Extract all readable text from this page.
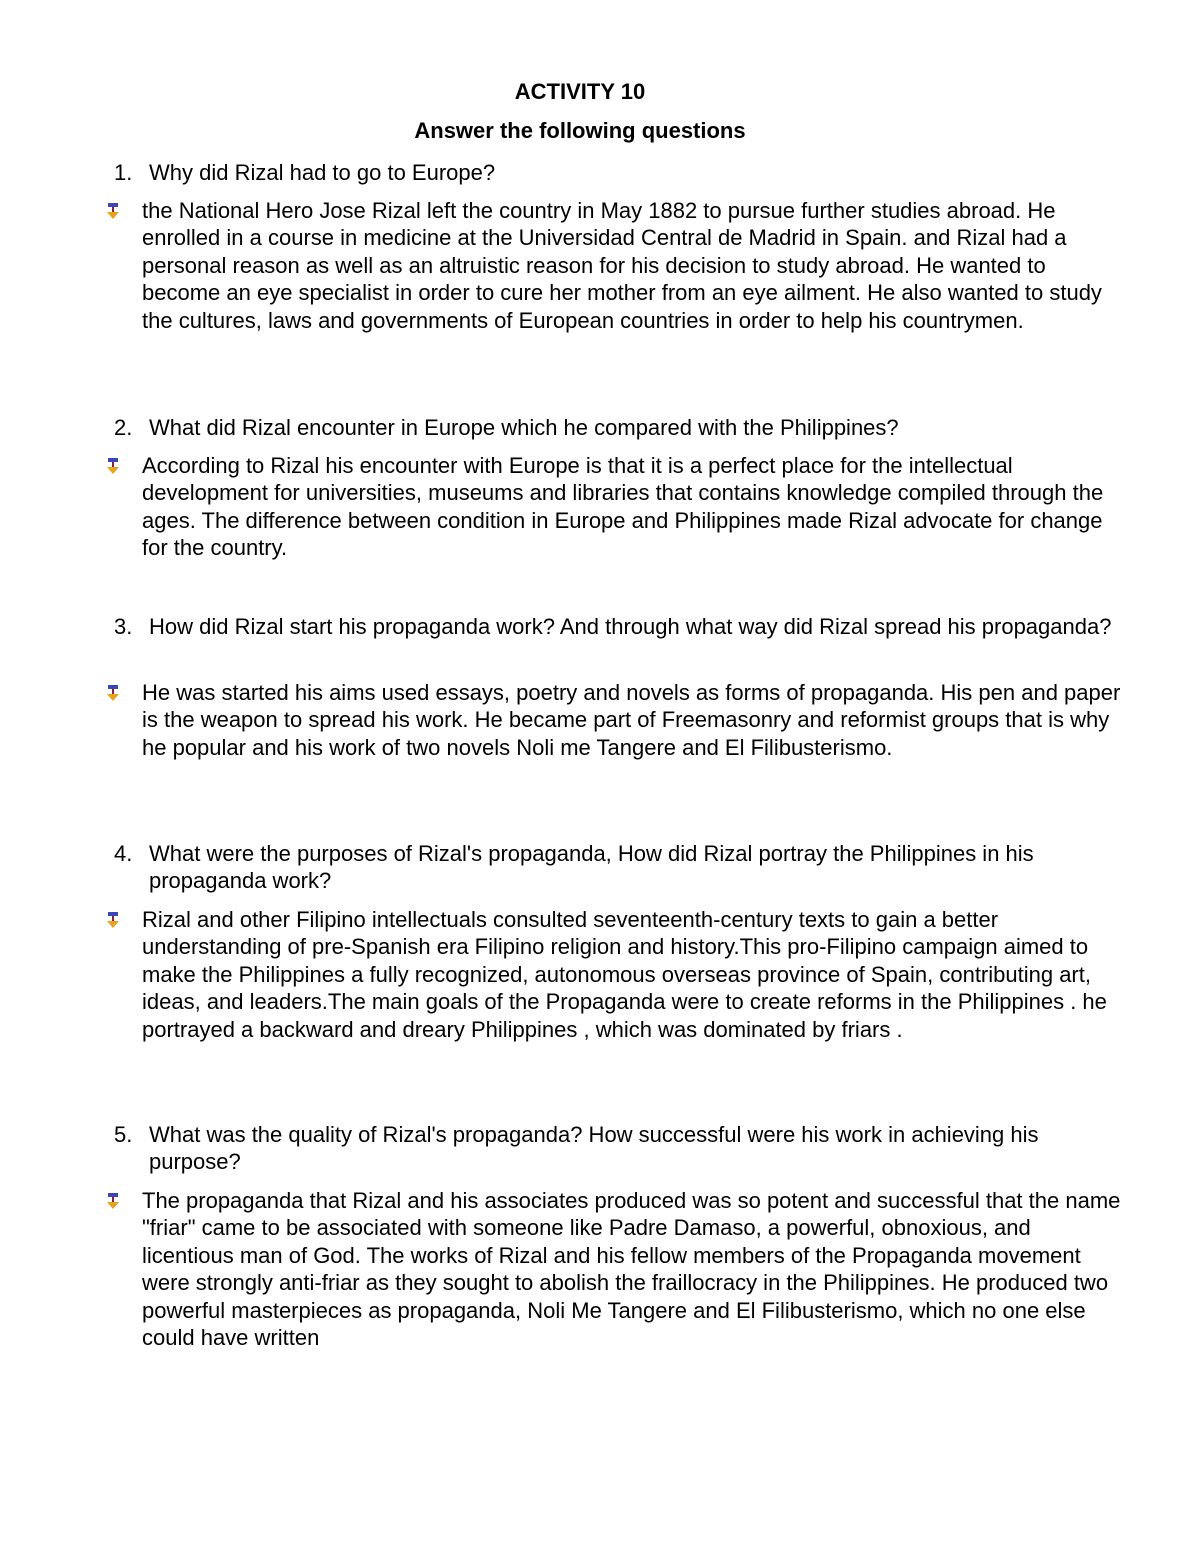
ACTIVITY 10
Answer the following questions
1. Why did Rizal had to go to Europe?
the National Hero Jose Rizal left the country in May 1882 to pursue further studies abroad. He enrolled in a course in medicine at the Universidad Central de Madrid in Spain. and Rizal had a personal reason as well as an altruistic reason for his decision to study abroad. He wanted to become an eye specialist in order to cure her mother from an eye ailment. He also wanted to study the cultures, laws and governments of European countries in order to help his countrymen.
2. What did Rizal encounter in Europe which he compared with the Philippines?
According to Rizal his encounter with Europe is that it is a perfect place for the intellectual development for universities, museums and libraries that contains knowledge compiled through the ages. The difference between condition in Europe and Philippines made Rizal advocate for change for the country.
3. How did Rizal start his propaganda work? And through what way did Rizal spread his propaganda?
He was started his aims used essays, poetry and novels as forms of propaganda. His pen and paper is the weapon to spread his work. He became part of Freemasonry and reformist groups that is why he popular and his work of two novels Noli me Tangere and El Filibusterismo.
4. What were the purposes of Rizal's propaganda, How did Rizal portray the Philippines in his propaganda work?
Rizal and other Filipino intellectuals consulted seventeenth-century texts to gain a better understanding of pre-Spanish era Filipino religion and history.This pro-Filipino campaign aimed to make the Philippines a fully recognized, autonomous overseas province of Spain, contributing art, ideas, and leaders.The main goals of the Propaganda were to create reforms in the Philippines . he portrayed a backward and dreary Philippines , which was dominated by friars .
5. What was the quality of Rizal's propaganda? How successful were his work in achieving his purpose?
The propaganda that Rizal and his associates produced was so potent and successful that the name "friar" came to be associated with someone like Padre Damaso, a powerful, obnoxious, and licentious man of God. The works of Rizal and his fellow members of the Propaganda movement were strongly anti-friar as they sought to abolish the fraillocracy in the Philippines. He produced two powerful masterpieces as propaganda, Noli Me Tangere and El Filibusterismo, which no one else could have written
